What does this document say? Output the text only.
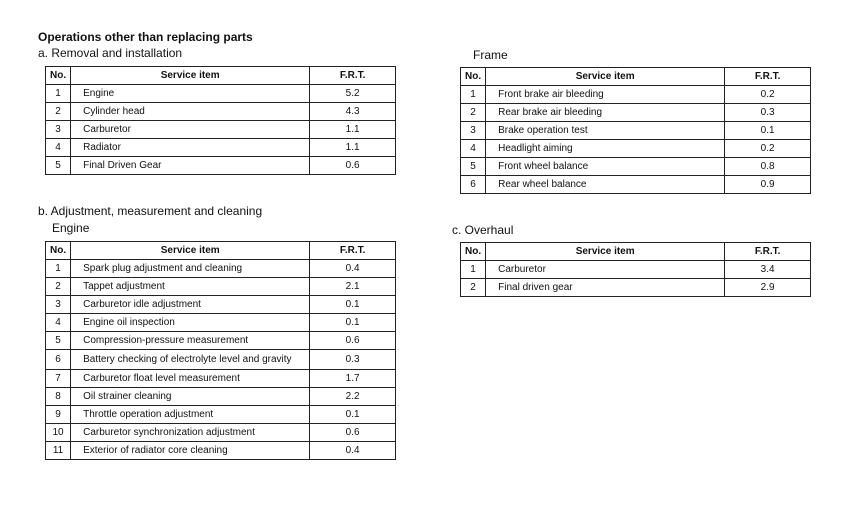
Operations other than replacing parts
a. Removal and installation
No.	Service item	F.R.T.
1	Engine	5.2
2	Cylinder head	4.3
3	Carburetor	1.1
4	Radiator	1.1
5	Final Driven Gear	0.6
b. Adjustment, measurement and cleaning
Engine
No.	Service item	F.R.T.
1	Spark plug adjustment and cleaning	0.4
2	Tappet adjustment	2.1
3	Carburetor idle adjustment	0.1
4	Engine oil inspection	0.1
5	Compression-pressure measurement	0.6
6	Battery checking of electrolyte level and gravity	0.3
7	Carburetor float level measurement	1.7
8	Oil strainer cleaning	2.2
9	Throttle operation adjustment	0.1
10	Carburetor synchronization adjustment	0.6
11	Exterior of radiator core cleaning	0.4
Frame
No.	Service item	F.R.T.
1	Front brake air bleeding	0.2
2	Rear brake air bleeding	0.3
3	Brake operation test	0.1
4	Headlight aiming	0.2
5	Front wheel balance	0.8
6	Rear wheel balance	0.9
c. Overhaul
No.	Service item	F.R.T.
1	Carburetor	3.4
2	Final driven gear	2.9
